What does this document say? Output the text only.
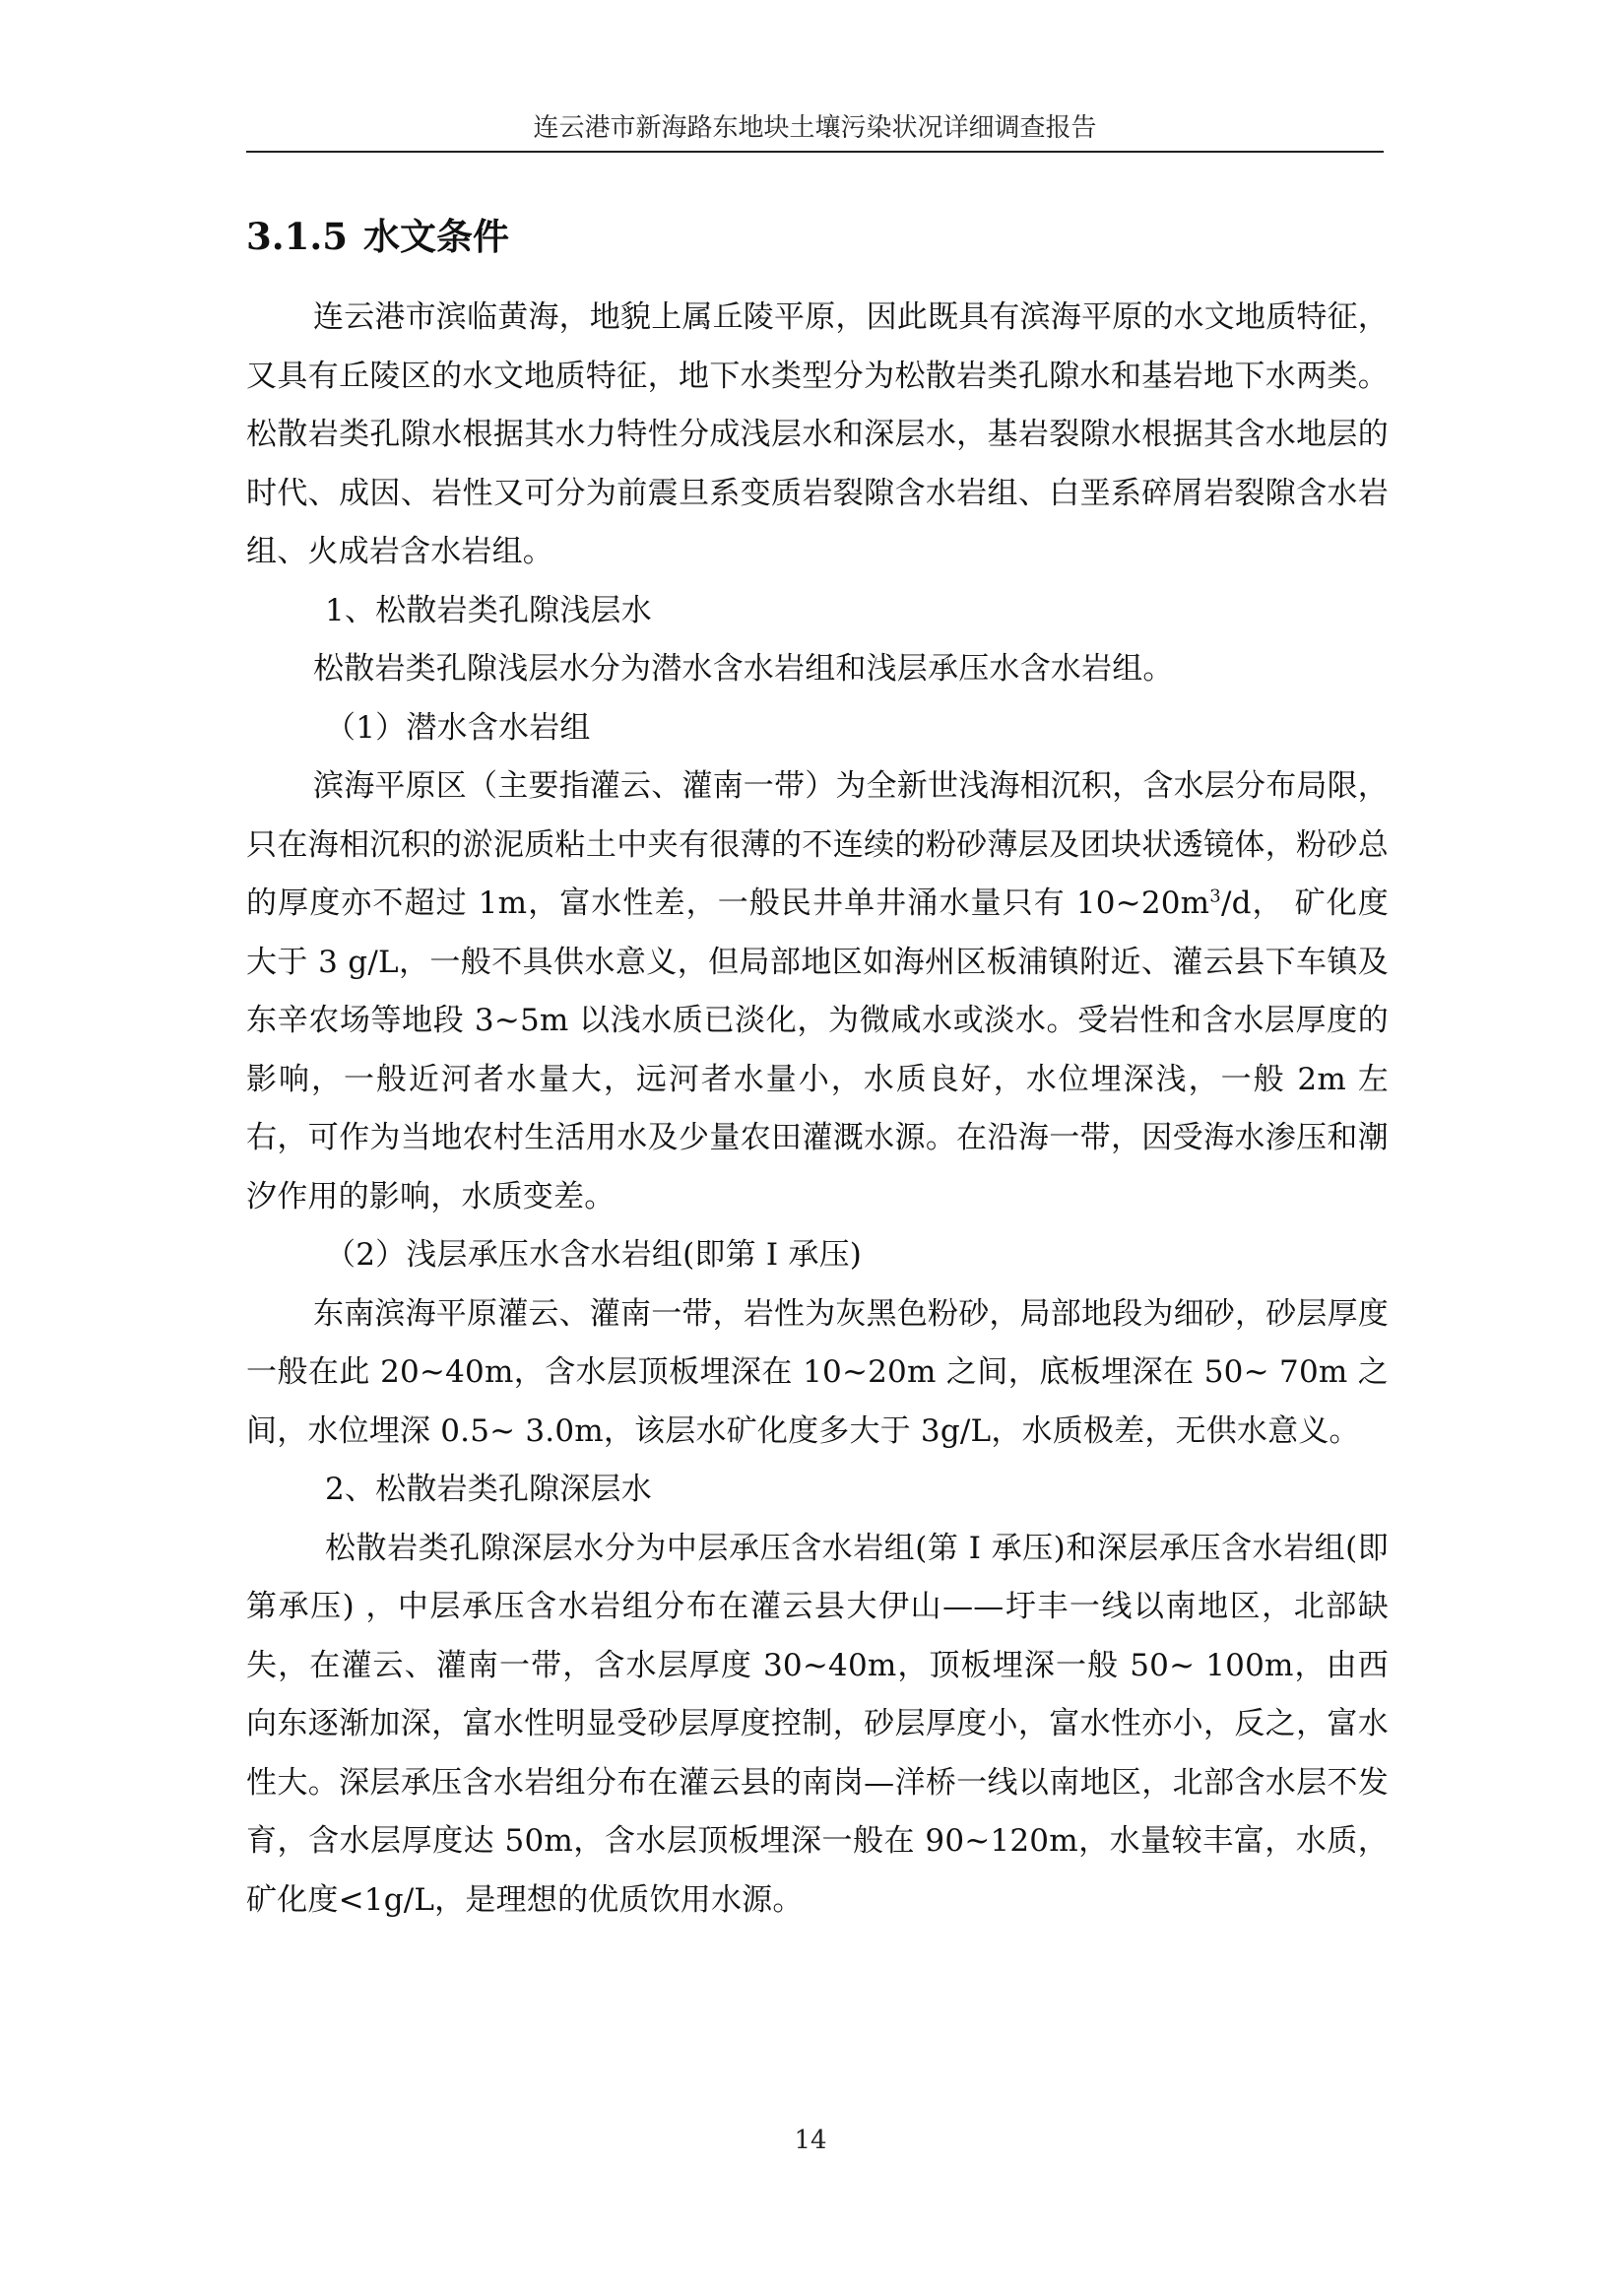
连云港市新海路东地块土壤污染状况详细调查报告
3.1.5 水文条件

连云港市滨临黄海，地貌上属丘陵平原，因此既具有滨海平原的水文地质特征，又具有丘陵区的水文地质特征，地下水类型分为松散岩类孔隙水和基岩地下水两类。松散岩类孔隙水根据其水力特性分成浅层水和深层水，基岩裂隙水根据其含水地层的时代、成因、岩性又可分为前震旦系变质岩裂隙含水岩组、白垩系碎屑岩裂隙含水岩组、火成岩含水岩组。

1、松散岩类孔隙浅层水

松散岩类孔隙浅层水分为潜水含水岩组和浅层承压水含水岩组。

（1）潜水含水岩组

滨海平原区（主要指灌云、灌南一带）为全新世浅海相沉积，含水层分布局限，只在海相沉积的淤泥质粘土中夹有很薄的不连续的粉砂薄层及团块状透镜体，粉砂总的厚度亦不超过 1m，富水性差，一般民井单井涌水量只有 $10\sim 20m^3/d$， 矿化度大于 3 g/L，一般不具供水意义，但局部地区如海州区板浦镇附近、灌云县下车镇及东辛农场等地段 3~5m 以浅水质已淡化，为微咸水或淡水。受岩性和含水层厚度的影响，一般近河者水量大，远河者水量小，水质良好，水位埋深浅，一般 2m 左右，可作为当地农村生活用水及少量农田灌溉水源。在沿海一带，因受海水渗压和潮汐作用的影响，水质变差。

（2）浅层承压水含水岩组(即第 I 承压)

东南滨海平原灌云、灌南一带，岩性为灰黑色粉砂，局部地段为细砂，砂层厚度一般在此 20~40m，含水层顶板埋深在 10~20m 之间，底板埋深在 50~ 70m 之间，水位埋深 0.5~ 3.0m，该层水矿化度多大于 3g/L，水质极差，无供水意义。

2、松散岩类孔隙深层水

松散岩类孔隙深层水分为中层承压含水岩组(第 I 承压)和深层承压含水岩组(即第承压) ，中层承压含水岩组分布在灌云县大伊山——圩丰一线以南地区，北部缺失，在灌云、灌南一带，含水层厚度 30~40m，顶板埋深一般 50~ 100m，由西向东逐渐加深，富水性明显受砂层厚度控制，砂层厚度小，富水性亦小，反之，富水性大。深层承压含水岩组分布在灌云县的南岗—洋桥一线以南地区，北部含水层不发育，含水层厚度达 50m，含水层顶板埋深一般在 90~120m，水量较丰富，水质，矿化度<1g/L，是理想的优质饮用水源。

14
